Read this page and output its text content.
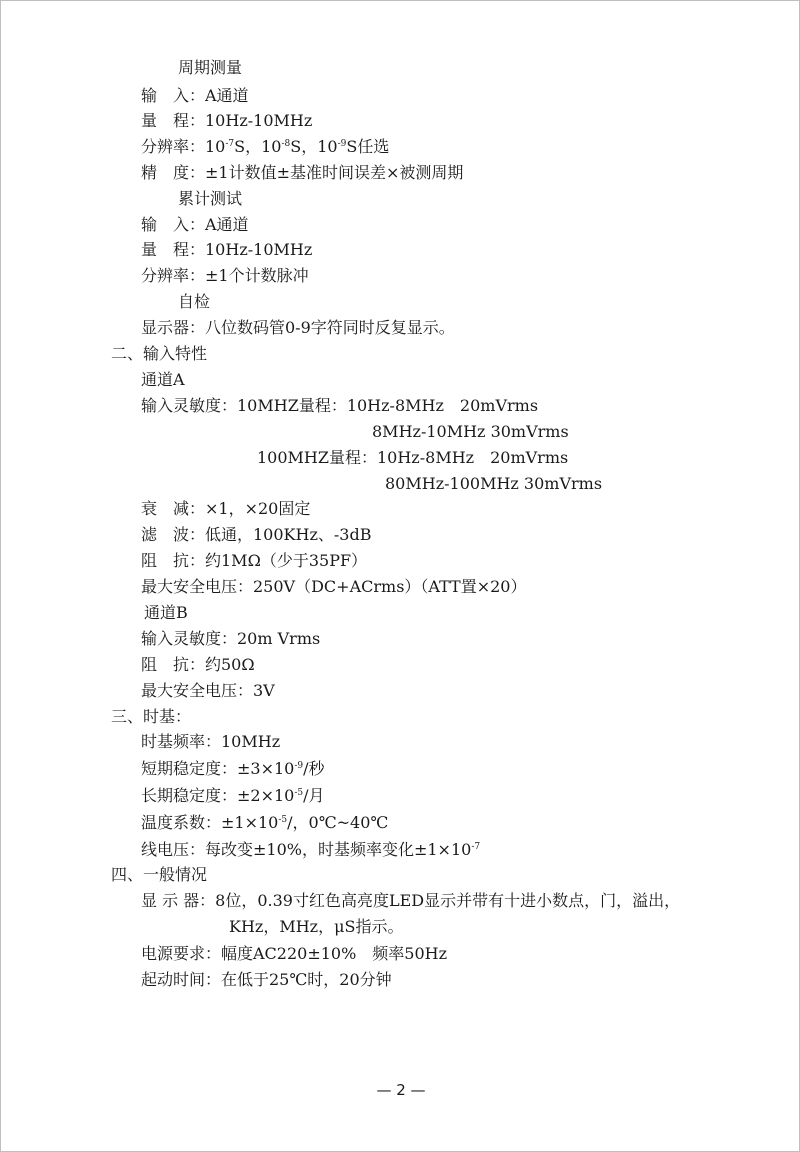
周期测量
输　入：A通道
量　程：10Hz-10MHz
分辨率：$10^{-7}S$，$10^{-8}S$，$10^{-9}S$任选
精　度：±1计数值±基准时间误差×被测周期
累计测试
输　入：A通道
量　程：10Hz-10MHz
分辨率：±1个计数脉冲
自检
显示器：八位数码管0-9字符同时反复显示。
二、输入特性
通道A
输入灵敏度：10MHZ量程：10Hz-8MHz　20mVrms
8MHz-10MHz 30mVrms
100MHZ量程：10Hz-8MHz　20mVrms
80MHz-100MHz 30mVrms
衰　减：×1，×20固定
滤　波：低通，100KHz、-3dB
阻　抗：约1MΩ（少于35PF）
最大安全电压：250V（DC+ACrms）（ATT置×20）
通道B
输入灵敏度：20m Vrms
阻　抗：约50Ω
最大安全电压：3V
三、时基：
时基频率：10MHz
短期稳定度：$\pm 3\times 10^{-9}/$秒
长期稳定度：$\pm 2\times 10^{-5}/$月
温度系数：$\pm 1\times 10^{-5}/$，0℃~40℃
线电压：每改变±10%，时基频率变化$\pm 1\times 10^{-7}$
四、一般情况
显 示 器：8位，0.39寸红色高亮度LED显示并带有十进小数点，门，溢出，
KHz，MHz，μS指示。
电源要求：幅度AC220±10%　频率50Hz
起动时间：在低于25℃时，20分钟
— 2 —
